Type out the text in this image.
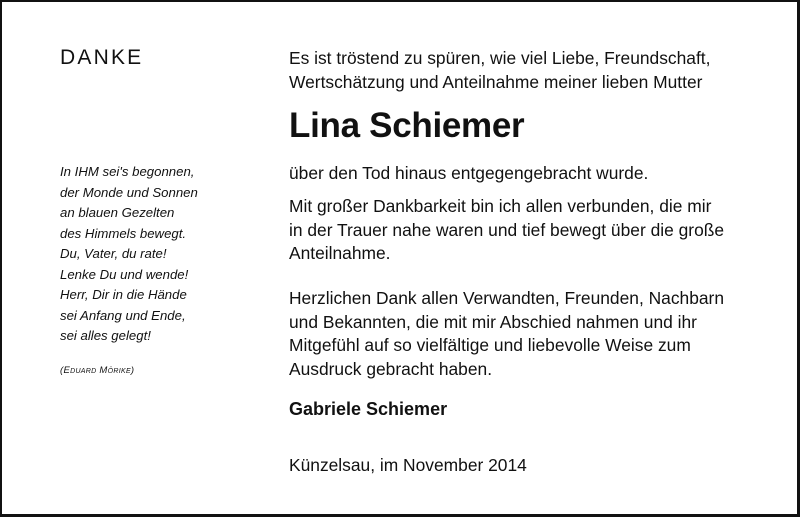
DANKE
In IHM sei's begonnen,
der Monde und Sonnen
an blauen Gezelten
des Himmels bewegt.
Du, Vater, du rate!
Lenke Du und wende!
Herr, Dir in die Hände
sei Anfang und Ende,
sei alles gelegt!
(Eduard Mörike)
Es ist tröstend zu spüren, wie viel Liebe, Freundschaft,
Wertschätzung und Anteilnahme meiner lieben Mutter
Lina Schiemer
über den Tod hinaus entgegengebracht wurde.
Mit großer Dankbarkeit bin ich allen verbunden, die mir
in der Trauer nahe waren und tief bewegt über die große
Anteilnahme.
Herzlichen Dank allen Verwandten, Freunden, Nachbarn
und Bekannten, die mit mir Abschied nahmen und ihr
Mitgefühl auf so vielfältige und liebevolle Weise zum
Ausdruck gebracht haben.
Gabriele Schiemer
Künzelsau, im November 2014
